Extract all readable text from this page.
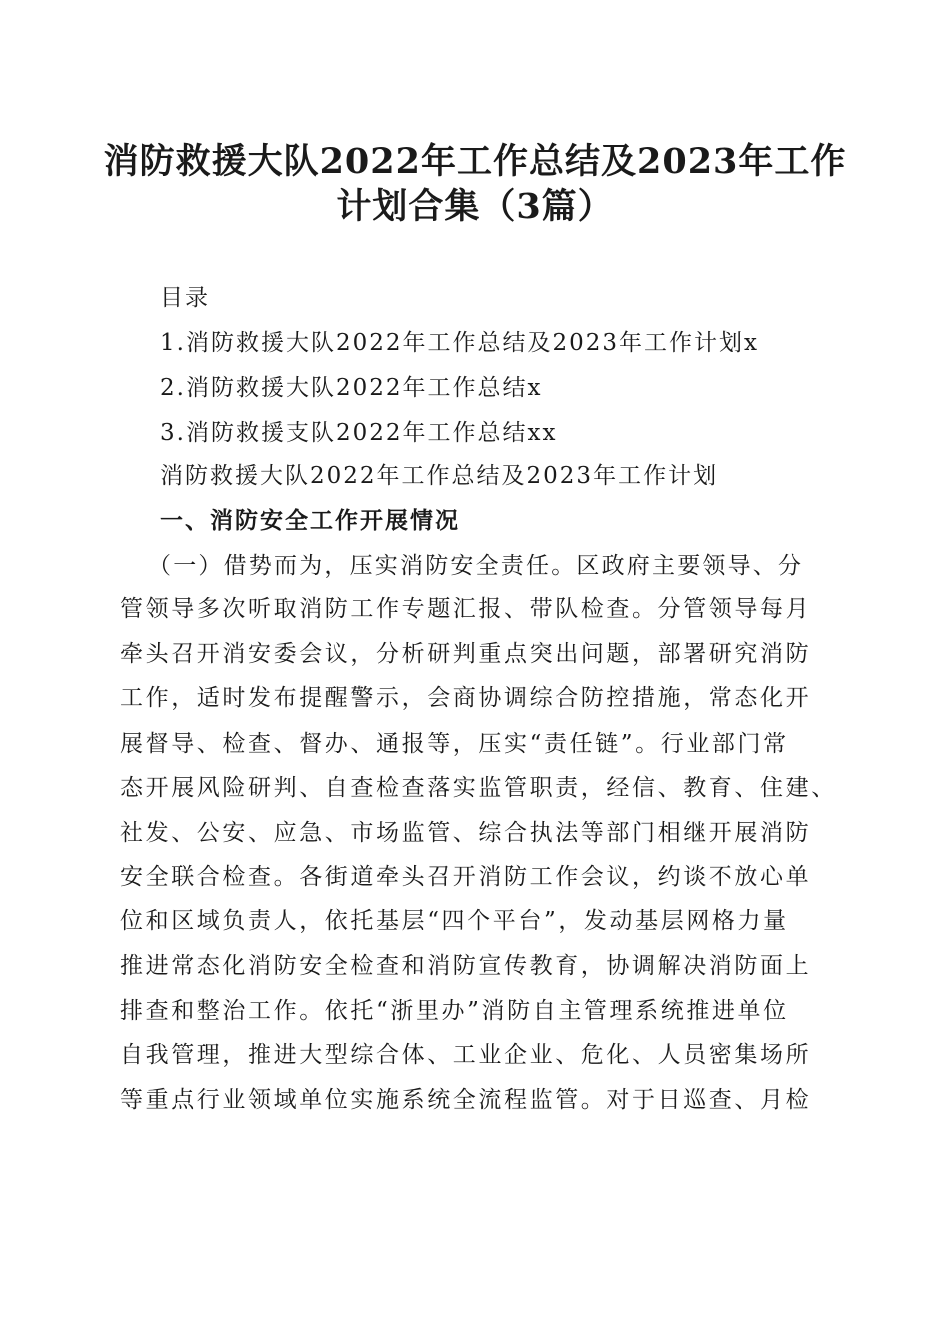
消防救援大队2022年工作总结及2023年工作
计划合集（3篇）
目录
1.消防救援大队2022年工作总结及2023年工作计划x
2.消防救援大队2022年工作总结x
3.消防救援支队2022年工作总结xx
消防救援大队2022年工作总结及2023年工作计划
一、消防安全工作开展情况
（一）借势而为，压实消防安全责任。区政府主要领导、分
管领导多次听取消防工作专题汇报、带队检查。分管领导每月
牵头召开消安委会议，分析研判重点突出问题，部署研究消防
工作，适时发布提醒警示，会商协调综合防控措施，常态化开
展督导、检查、督办、通报等，压实“责任链”。行业部门常
态开展风险研判、自查检查落实监管职责，经信、教育、住建、
社发、公安、应急、市场监管、综合执法等部门相继开展消防
安全联合检查。各街道牵头召开消防工作会议，约谈不放心单
位和区域负责人，依托基层“四个平台”，发动基层网格力量
推进常态化消防安全检查和消防宣传教育，协调解决消防面上
排查和整治工作。依托“浙里办”消防自主管理系统推进单位
自我管理，推进大型综合体、工业企业、危化、人员密集场所
等重点行业领域单位实施系统全流程监管。对于日巡查、月检
